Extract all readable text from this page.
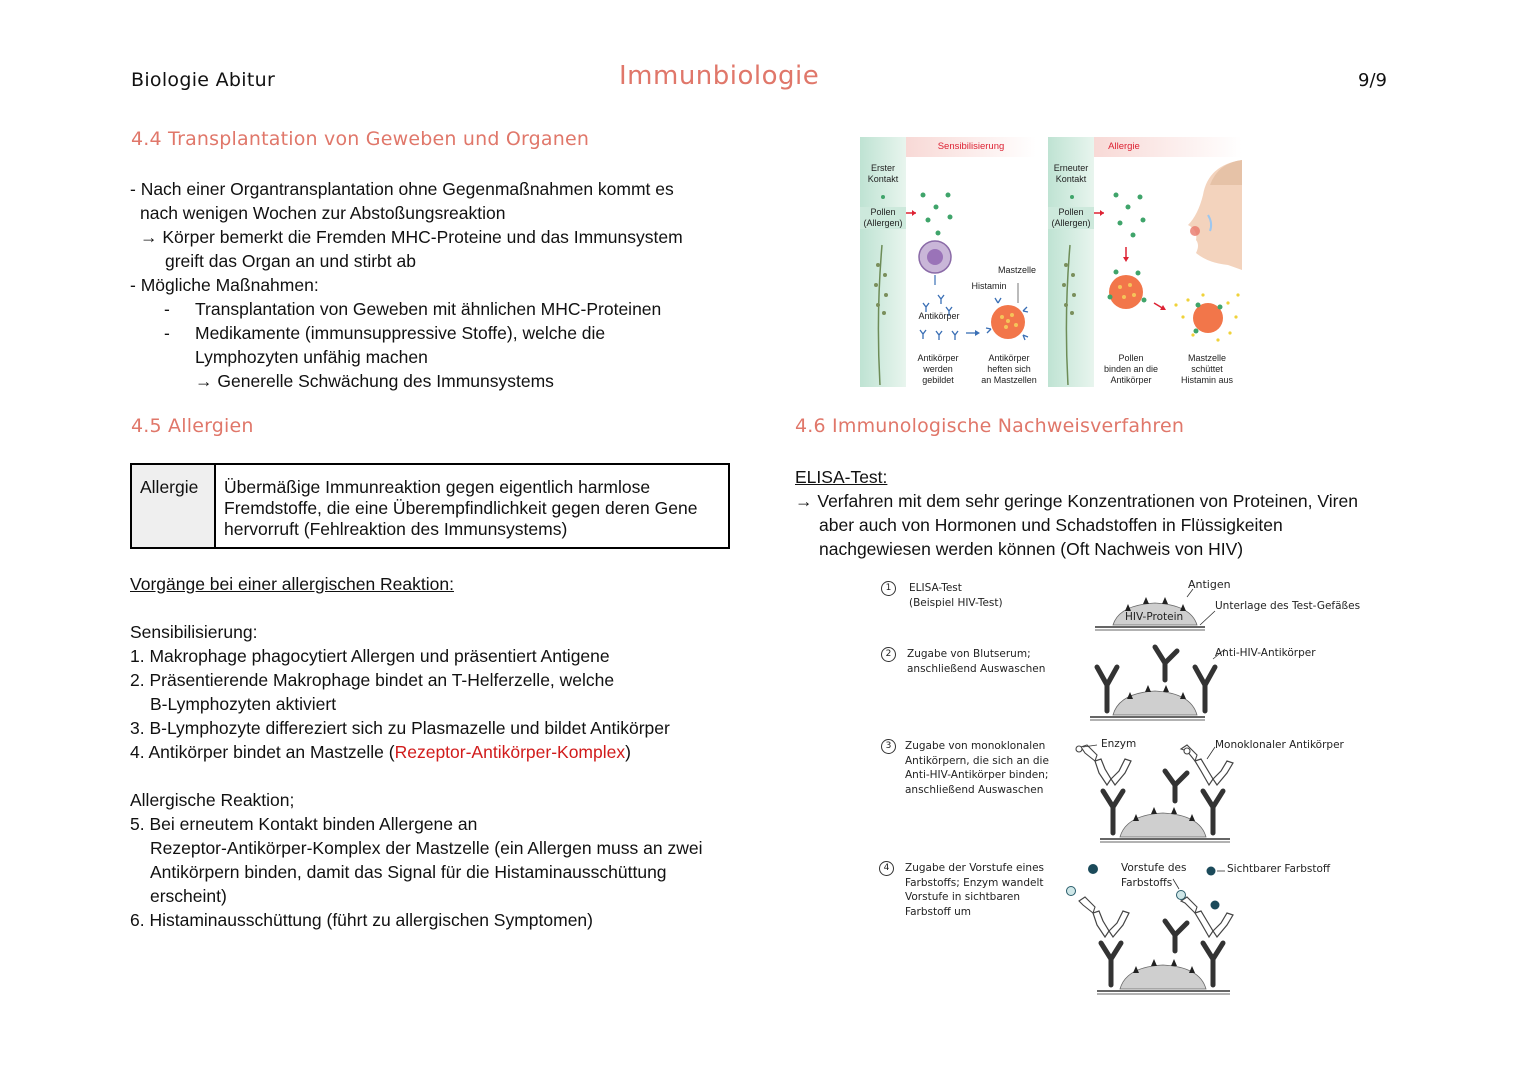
Biologie Abitur	Immunbiologie	9/9
4.4 Transplantation von Geweben und Organen
- Nach einer Organtransplantation ohne Gegenmaßnahmen kommt es
nach wenigen Wochen zur Abstoßungsreaktion
→ Körper bemerkt die Fremden MHC-Proteine und das Immunsystem
greift das Organ an und stirbt ab
- Mögliche Maßnahmen:
- Transplantation von Geweben mit ähnlichen MHC-Proteinen
- Medikamente (immunsuppressive Stoffe), welche die
Lymphozyten unfähig machen
→ Generelle Schwächung des Immunsystems
4.5 Allergien
Allergie	Übermäßige Immunreaktion gegen eigentlich harmlose Fremdstoffe, die eine Überempfindlichkeit gegen deren Gene hervorruft (Fehlreaktion des Immunsystems)
Vorgänge bei einer allergischen Reaktion:
Sensibilisierung:
1. Makrophage phagocytiert Allergen und präsentiert Antigene
2. Präsentierende Makrophage bindet an T-Helferzelle, welche
B-Lymphozyten aktiviert
3. B-Lymphozyte differeziert sich zu Plasmazelle und bildet Antikörper
4. Antikörper bindet an Mastzelle (Rezeptor-Antikörper-Komplex)
Allergische Reaktion;
5. Bei erneutem Kontakt binden Allergene an
Rezeptor-Antikörper-Komplex der Mastzelle (ein Allergen muss an zwei
Antikörpern binden, damit das Signal für die Histaminausschüttung
erscheint)
6. Histaminausschüttung (führt zu allergischen Symptomen)
Sensibilisierung	Allergie
Erster
Kontakt
Erneuter
Kontakt
Pollen
(Allergen)
Pollen
(Allergen)
Mastzelle
Histamin
Antikörper
Antikörper
werden
gebildet
Antikörper
heften sich
an Mastzellen
Pollen
binden an die
Antikörper
Mastzelle
schüttet
Histamin aus
4.6 Immunologische Nachweisverfahren
ELISA-Test:
→ Verfahren mit dem sehr geringe Konzentrationen von Proteinen, Viren
aber auch von Hormonen und Schadstoffen in Flüssigkeiten
nachgewiesen werden können (Oft Nachweis von HIV)
1	ELISA-Test
(Beispiel HIV-Test)
2	Zugabe von Blutserum;
anschließend Auswaschen
3	Zugabe von monoklonalen
Antikörpern, die sich an die
Anti-HIV-Antikörper binden;
anschließend Auswaschen
4	Zugabe der Vorstufe eines
Farbstoffs; Enzym wandelt
Vorstufe in sichtbaren
Farbstoff um
Antigen
HIV-Protein
Unterlage des Test-Gefäßes
Anti-HIV-Antikörper
Enzym	Monoklonaler Antikörper
Vorstufe des
Farbstoffs
Sichtbarer Farbstoff
